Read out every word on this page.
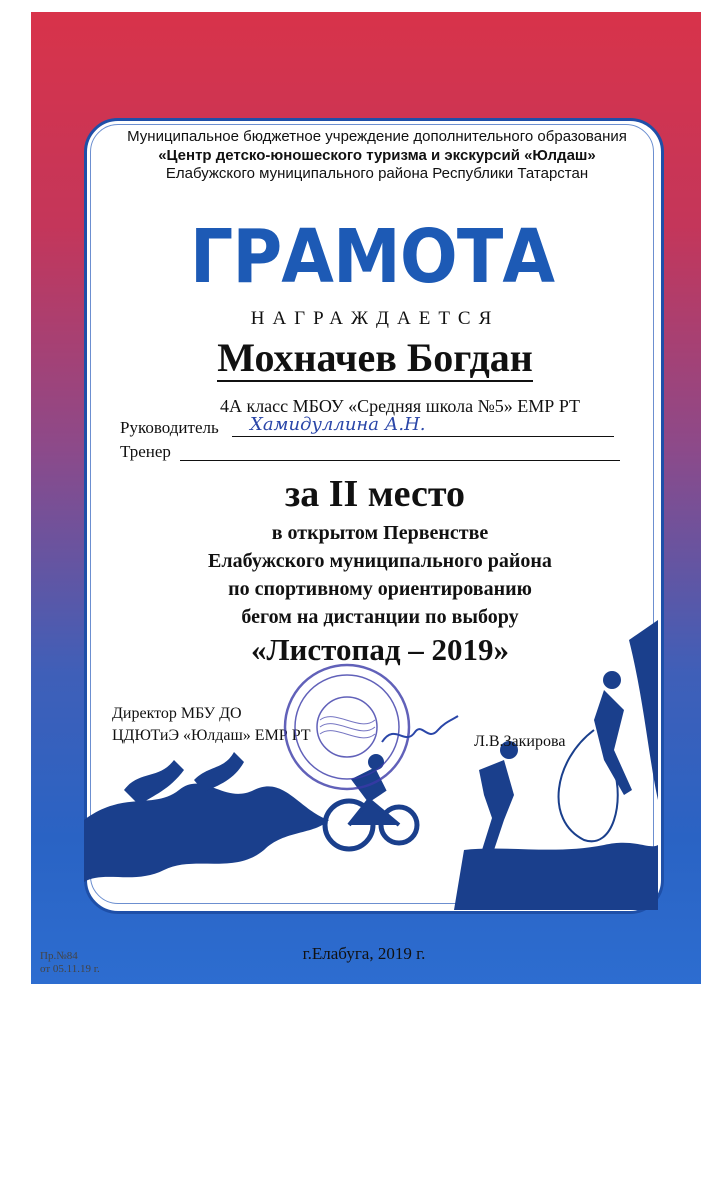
Муниципальное бюджетное учреждение дополнительного образования
«Центр детско-юношеского туризма и экскурсий «Юлдаш»
Елабужского муниципального района Республики Татарстан
ГРАМОТА
НАГРАЖДАЕТСЯ
Мохначев Богдан
4А класс МБОУ «Средняя школа №5» ЕМР РТ
Руководитель Хамидуллина А.Н.
Тренер
за II место
в открытом Первенстве
Елабужского муниципального района
по спортивному ориентированию
бегом на дистанции по выбору
«Листопад – 2019»
Директор МБУ ДО
ЦДЮТиЭ «Юлдаш» ЕМР РТ	Л.В.Закирова
г.Елабуга, 2019 г.
Пр.№84
от 05.11.19 г.
